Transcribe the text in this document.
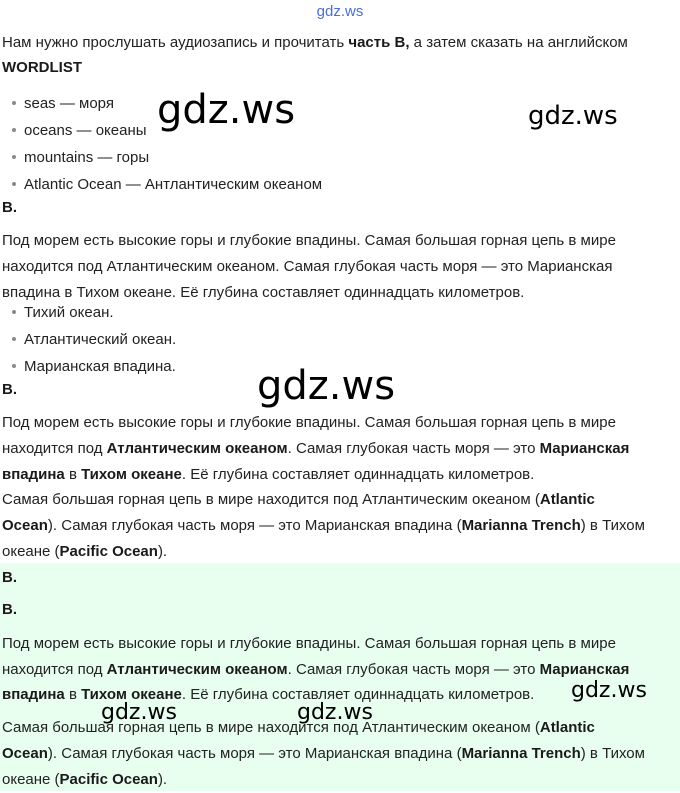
gdz.ws

Нам нужно прослушать аудиозапись и прочитать часть В, а затем сказать на английском

WORDLIST

seas — моря
oceans — океаны
mountains — горы
Atlantic Ocean — Антлантическим океаном

В.

Под морем есть высокие горы и глубокие впадины. Самая большая горная цепь в мире

находится под Атлантическим океаном. Самая глубокая часть моря — это Марианская

впадина в Тихом океане. Её глубина составляет одиннадцать километров.

Тихий океан.
Атлантический океан.
Марианская впадина.

В.

Под морем есть высокие горы и глубокие впадины. Самая большая горная цепь в мире

находится под Атлантическим океаном. Самая глубокая часть моря — это Марианская

впадина в Тихом океане. Её глубина составляет одиннадцать километров.

Самая большая горная цепь в мире находится под Атлантическим океаном (Atlantic

Ocean). Самая глубокая часть моря — это Марианская впадина (Marianna Trench) в Тихом

океане (Pacific Ocean).

В.

В.

Под морем есть высокие горы и глубокие впадины. Самая большая горная цепь в мире

находится под Атлантическим океаном. Самая глубокая часть моря — это Марианская

впадина в Тихом океане. Её глубина составляет одиннадцать километров.

Самая большая горная цепь в мире находится под Атлантическим океаном (Atlantic

Ocean). Самая глубокая часть моря — это Марианская впадина (Marianna Trench) в Тихом

океане (Pacific Ocean).

gdz.ws	gdz.ws
gdz.ws
gdz.ws
gdz.ws	gdz.ws
